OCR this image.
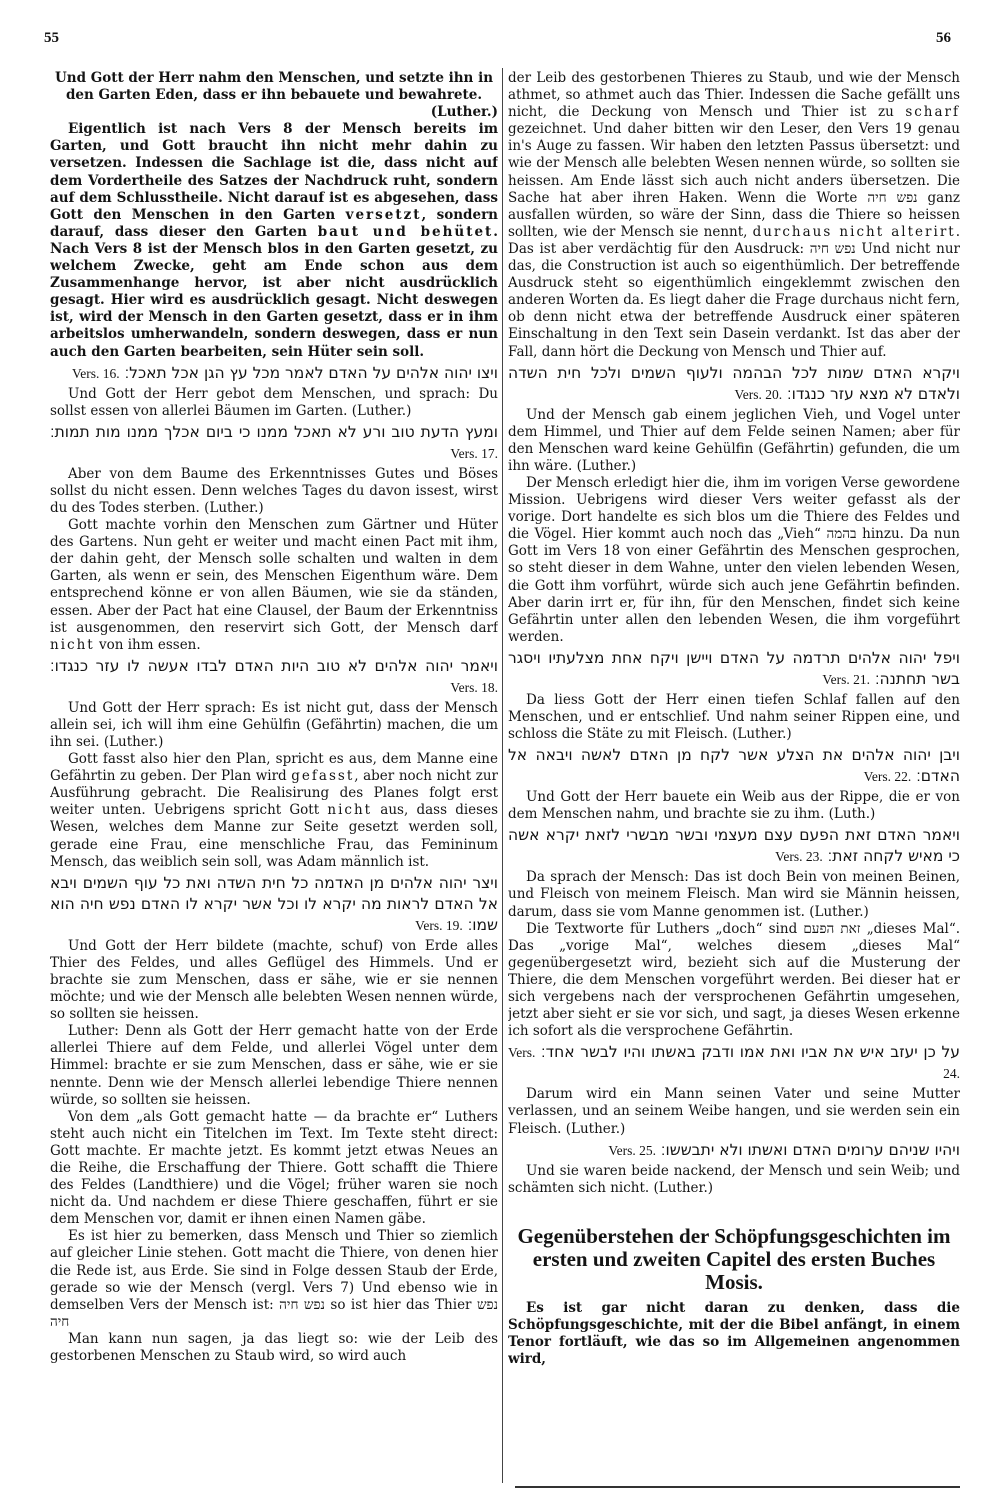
55	56

Und Gott der Herr nahm den Menschen, und setzte ihn in den Garten Eden, dass er ihn bebauete und bewahrete.

(Luther.)

Eigentlich ist nach Vers 8 der Mensch bereits im Garten, und Gott braucht ihn nicht mehr dahin zu versetzen. Indessen die Sachlage ist die, dass nicht auf dem Vordertheile des Satzes der Nachdruck ruht, sondern auf dem Schlusstheile. Nicht darauf ist es abgesehen, dass Gott den Menschen in den Garten versetzt, sondern darauf, dass dieser den Garten baut und behütet. Nach Vers 8 ist der Mensch blos in den Garten gesetzt, zu welchem Zwecke, geht am Ende schon aus dem Zusammenhange hervor, ist aber nicht ausdrücklich gesagt. Hier wird es ausdrücklich gesagt. Nicht deswegen ist, wird der Mensch in den Garten gesetzt, dass er in ihm arbeitslos umherwandeln, sondern deswegen, dass er nun auch den Garten bearbeiten, sein Hüter sein soll.

ויצו יהוה אלהים על האדם לאמר מכל עץ הגן אכל תאכל׃ Vers. 16.

Und Gott der Herr gebot dem Menschen, und sprach: Du sollst essen von allerlei Bäumen im Garten. (Luther.)

ומעץ הדעת טוב ורע לא תאכל ממנו כי ביום אכלך ממנו מות תמות׃ Vers. 17.

Aber von dem Baume des Erkenntnisses Gutes und Böses sollst du nicht essen. Denn welches Tages du davon issest, wirst du des Todes sterben. (Luther.)

Gott machte vorhin den Menschen zum Gärtner und Hüter des Gartens. Nun geht er weiter und macht einen Pact mit ihm, der dahin geht, der Mensch solle schalten und walten in dem Garten, als wenn er sein, des Menschen Eigenthum wäre. Dem entsprechend könne er von allen Bäumen, wie sie da ständen, essen. Aber der Pact hat eine Clausel, der Baum der Erkenntniss ist ausgenommen, den reservirt sich Gott, der Mensch darf nicht von ihm essen.

ויאמר יהוה אלהים לא טוב היות האדם לבדו אעשה לו עזר כנגדו׃ Vers. 18.

Und Gott der Herr sprach: Es ist nicht gut, dass der Mensch allein sei, ich will ihm eine Gehülfin (Gefährtin) machen, die um ihn sei. (Luther.)

Gott fasst also hier den Plan, spricht es aus, dem Manne eine Gefährtin zu geben. Der Plan wird gefasst, aber noch nicht zur Ausführung gebracht. Die Realisirung des Planes folgt erst weiter unten. Uebrigens spricht Gott nicht aus, dass dieses Wesen, welches dem Manne zur Seite gesetzt werden soll, gerade eine Frau, eine menschliche Frau, das Femininum Mensch, das weiblich sein soll, was Adam männlich ist.

ויצר יהוה אלהים מן האדמה כל חית השדה ואת כל עוף השמים ויבא אל האדם לראות מה יקרא לו וכל אשר יקרא לו האדם נפש חיה הוא שמו׃ Vers. 19.

Und Gott der Herr bildete (machte, schuf) von Erde alles Thier des Feldes, und alles Geflügel des Himmels. Und er brachte sie zum Menschen, dass er sähe, wie er sie nennen möchte; und wie der Mensch alle belebten Wesen nennen würde, so sollten sie heissen.

Luther: Denn als Gott der Herr gemacht hatte von der Erde allerlei Thiere auf dem Felde, und allerlei Vögel unter dem Himmel: brachte er sie zum Menschen, dass er sähe, wie er sie nennte. Denn wie der Mensch allerlei lebendige Thiere nennen würde, so sollten sie heissen.

Von dem „als Gott gemacht hatte — da brachte er“ Luthers steht auch nicht ein Titelchen im Text. Im Texte steht direct: Gott machte. Er machte jetzt. Es kommt jetzt etwas Neues an die Reihe, die Erschaffung der Thiere. Gott schafft die Thiere des Feldes (Landthiere) und die Vögel; früher waren sie noch nicht da. Und nachdem er diese Thiere geschaffen, führt er sie dem Menschen vor, damit er ihnen einen Namen gäbe.

Es ist hier zu bemerken, dass Mensch und Thier so ziemlich auf gleicher Linie stehen. Gott macht die Thiere, von denen hier die Rede ist, aus Erde. Sie sind in Folge dessen Staub der Erde, gerade so wie der Mensch (vergl. Vers 7) Und ebenso wie in demselben Vers der Mensch ist: נפש חיה so ist hier das Thier נפש חיה

Man kann nun sagen, ja das liegt so: wie der Leib des gestorbenen Menschen zu Staub wird, so wird auch

der Leib des gestorbenen Thieres zu Staub, und wie der Mensch athmet, so athmet auch das Thier. Indessen die Sache gefällt uns nicht, die Deckung von Mensch und Thier ist zu scharf gezeichnet. Und daher bitten wir den Leser, den Vers 19 genau in's Auge zu fassen. Wir haben den letzten Passus übersetzt: und wie der Mensch alle belebten Wesen nennen würde, so sollten sie heissen. Am Ende lässt sich auch nicht anders übersetzen. Die Sache hat aber ihren Haken. Wenn die Worte נפש חיה ganz ausfallen würden, so wäre der Sinn, dass die Thiere so heissen sollten, wie der Mensch sie nennt, durchaus nicht alterirt. Das ist aber verdächtig für den Ausdruck: נפש חיה Und nicht nur das, die Construction ist auch so eigenthümlich. Der betreffende Ausdruck steht so eigenthümlich eingeklemmt zwischen den anderen Worten da. Es liegt daher die Frage durchaus nicht fern, ob denn nicht etwa der betreffende Ausdruck einer späteren Einschaltung in den Text sein Dasein verdankt. Ist das aber der Fall, dann hört die Deckung von Mensch und Thier auf.

ויקרא האדם שמות לכל הבהמה ולעוף השמים ולכל חית השדה ולאדם לא מצא עזר כנגדו׃ Vers. 20.

Und der Mensch gab einem jeglichen Vieh, und Vogel unter dem Himmel, und Thier auf dem Felde seinen Namen; aber für den Menschen ward keine Gehülfin (Gefährtin) gefunden, die um ihn wäre. (Luther.)

Der Mensch erledigt hier die, ihm im vorigen Verse gewordene Mission. Uebrigens wird dieser Vers weiter gefasst als der vorige. Dort handelte es sich blos um die Thiere des Feldes und die Vögel. Hier kommt auch noch das „Vieh“ בהמה hinzu. Da nun Gott im Vers 18 von einer Gefährtin des Menschen gesprochen, so steht dieser in dem Wahne, unter den vielen lebenden Wesen, die Gott ihm vorführt, würde sich auch jene Gefährtin befinden. Aber darin irrt er, für ihn, für den Menschen, findet sich keine Gefährtin unter allen den lebenden Wesen, die ihm vorgeführt werden.

ויפל יהוה אלהים תרדמה על האדם ויישן ויקח אחת מצלעתיו ויסגר בשר תחתנה׃ Vers. 21.

Da liess Gott der Herr einen tiefen Schlaf fallen auf den Menschen, und er entschlief. Und nahm seiner Rippen eine, und schloss die Stäte zu mit Fleisch. (Luther.)

ויבן יהוה אלהים את הצלע אשר לקח מן האדם לאשה ויבאה אל האדם׃ Vers. 22.

Und Gott der Herr bauete ein Weib aus der Rippe, die er von dem Menschen nahm, und brachte sie zu ihm. (Luth.)

ויאמר האדם זאת הפעם עצם מעצמי ובשר מבשרי לזאת יקרא אשה כי מאיש לקחה זאת׃ Vers. 23.

Da sprach der Mensch: Das ist doch Bein von meinen Beinen, und Fleisch von meinem Fleisch. Man wird sie Männin heissen, darum, dass sie vom Manne genommen ist. (Luther.)

Die Textworte für Luthers „doch“ sind זאת הפעם „dieses Mal“. Das „vorige Mal“, welches diesem „dieses Mal“ gegenübergesetzt wird, bezieht sich auf die Musterung der Thiere, die dem Menschen vorgeführt werden. Bei dieser hat er sich vergebens nach der versprochenen Gefährtin umgesehen, jetzt aber sieht er sie vor sich, und sagt, ja dieses Wesen erkenne ich sofort als die versprochene Gefährtin.

על כן יעזב איש את אביו ואת אמו ודבק באשתו והיו לבשר אחד׃ Vers. 24.

Darum wird ein Mann seinen Vater und seine Mutter verlassen, und an seinem Weibe hangen, und sie werden sein ein Fleisch. (Luther.)

ויהיו שניהם ערומים האדם ואשתו ולא יתבששו׃ Vers. 25.

Und sie waren beide nackend, der Mensch und sein Weib; und schämten sich nicht. (Luther.)

Gegenüberstehen der Schöpfungsgeschichten im ersten und zweiten Capitel des ersten Buches Mosis.

Es ist gar nicht daran zu denken, dass die Schöpfungsgeschichte, mit der die Bibel anfängt, in einem Tenor fortläuft, wie das so im Allgemeinen angenommen wird,
